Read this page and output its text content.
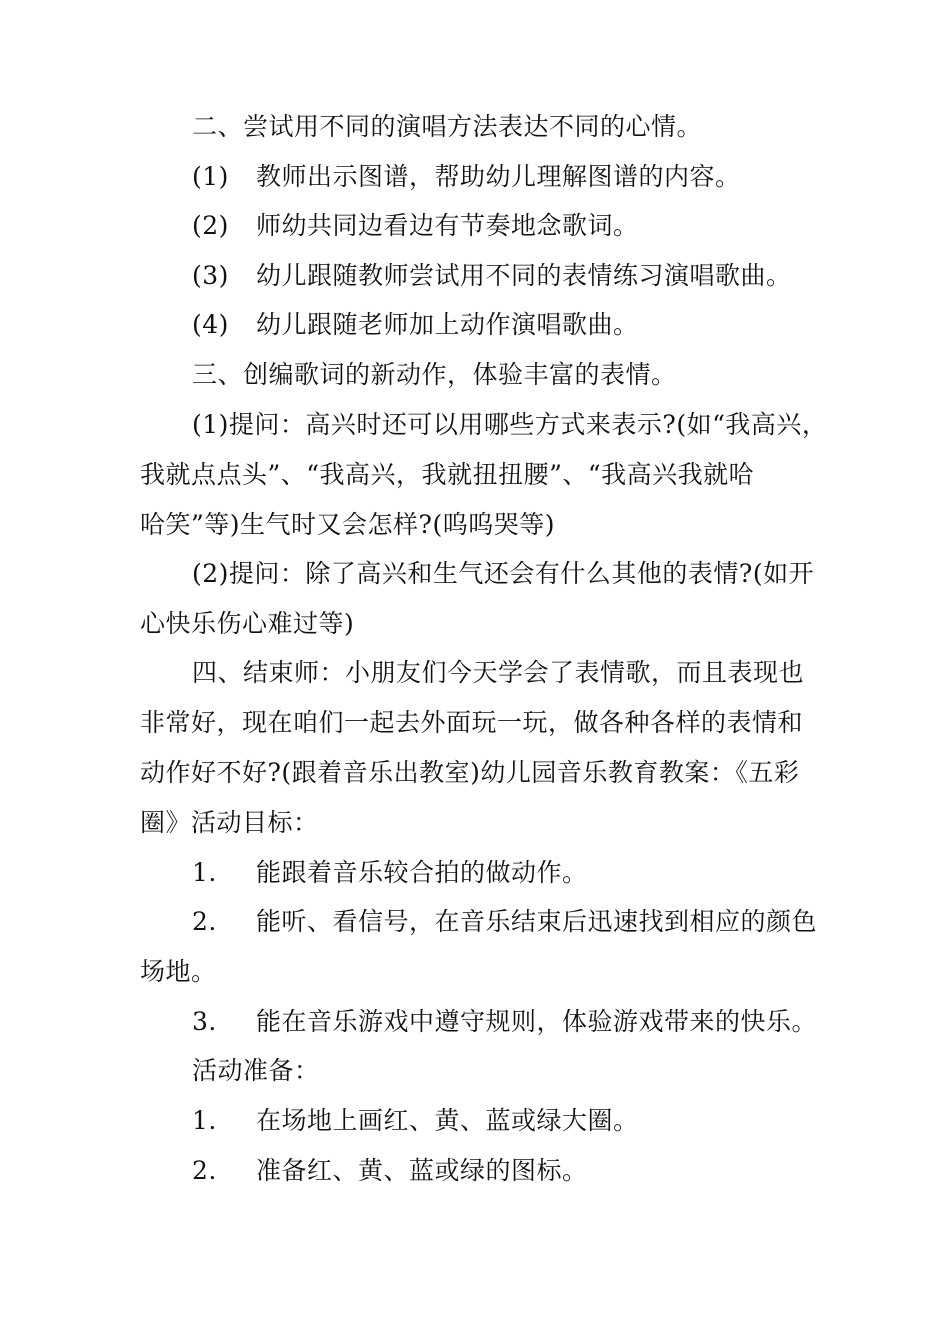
二、尝试用不同的演唱方法表达不同的心情。
(1) 教师出示图谱，帮助幼儿理解图谱的内容。
(2) 师幼共同边看边有节奏地念歌词。
(3) 幼儿跟随教师尝试用不同的表情练习演唱歌曲。
(4) 幼儿跟随老师加上动作演唱歌曲。
三、创编歌词的新动作，体验丰富的表情。
(1)提问：高兴时还可以用哪些方式来表示?(如“我高兴，
我就点点头”、“我高兴，我就扭扭腰”、“我高兴我就哈
哈笑”等)生气时又会怎样?(呜呜哭等)
(2)提问：除了高兴和生气还会有什么其他的表情?(如开
心快乐伤心难过等)
四、结束师：小朋友们今天学会了表情歌，而且表现也
非常好，现在咱们一起去外面玩一玩，做各种各样的表情和
动作好不好?(跟着音乐出教室)幼儿园音乐教育教案：《五彩
圈》活动目标：
1. 能跟着音乐较合拍的做动作。
2. 能听、看信号，在音乐结束后迅速找到相应的颜色
场地。
3. 能在音乐游戏中遵守规则，体验游戏带来的快乐。
活动准备：
1. 在场地上画红、黄、蓝或绿大圈。
2. 准备红、黄、蓝或绿的图标。
